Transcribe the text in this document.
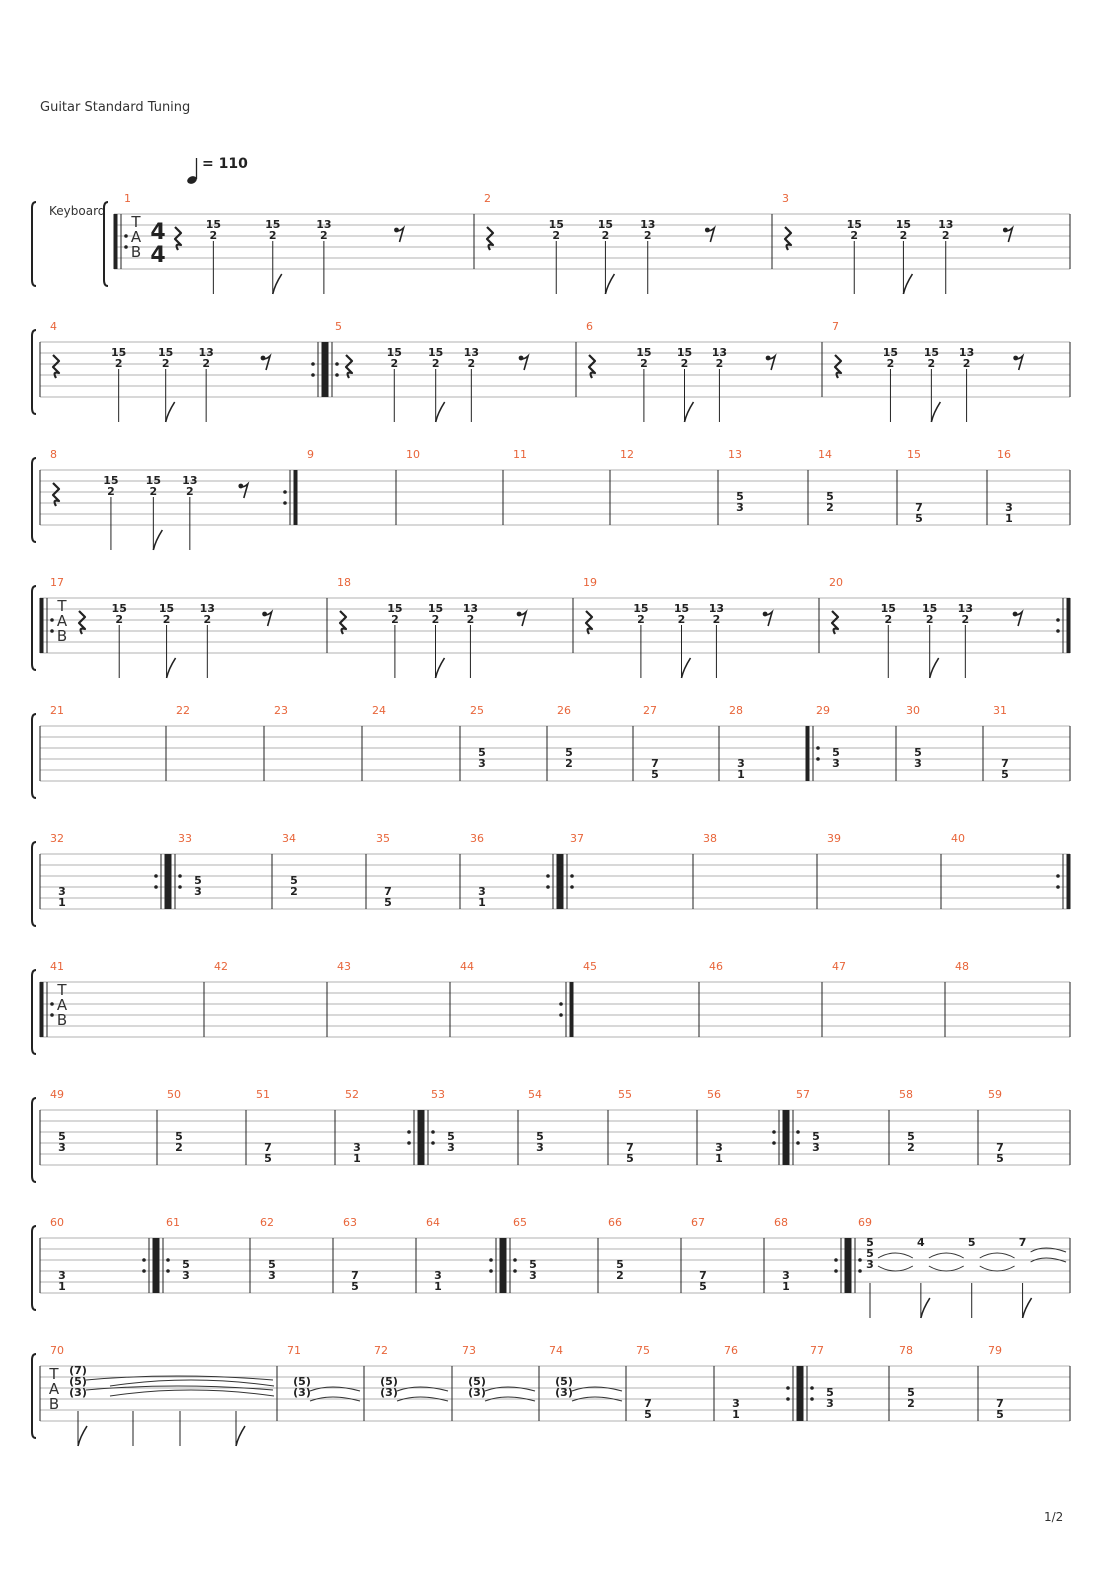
Guitar Standard Tuning
= 110
Keyboard
1
T
A
B
4
4
15
2
15
2
13
2
2
15
2
15
2
13
2
3
15
2
15
2
13
2
4
15
2
15
2
13
2
5
15
2
15
2
13
2
6
15
2
15
2
13
2
7
15
2
15
2
13
2
8
15
2
15
2
13
2
9	10	11	12	13
5
3
14
5
2
15
7
5
16
3
1
17
T
A
B
15
2
15
2
13
2
18
15
2
15
2
13
2
19
15
2
15
2
13
2
20
15
2
15
2
13
2
21	22	23	24	25
5
3
26
5
2
27
7
5
28
3
1
29
5
3
30
5
3
31
7
5
32
3
1
33
5
3
34
5
2
35
7
5
36
3
1
37	38	39	40
41
T
A
B
42	43	44	45	46	47	48
49
5
3
50
5
2
51
7
5
52
3
1
53
5
3
54
5
3
55
7
5
56
3
1
57
5
3
58
5
2
59
7
5
60
3
1
61
5
3
62
5
3
63
7
5
64
3
1
65
5
3
66
5
2
67
7
5
68
3
1
69
5
5
3
4	5	7
70
T
A
B
(7)
(5)
(3)
71
(5)
(3)
72
(5)
(3)
73
(5)
(3)
74
(5)
(3)
75
7
5
76
3
1
77
5
3
78
5
2
79
7
5
1/2
